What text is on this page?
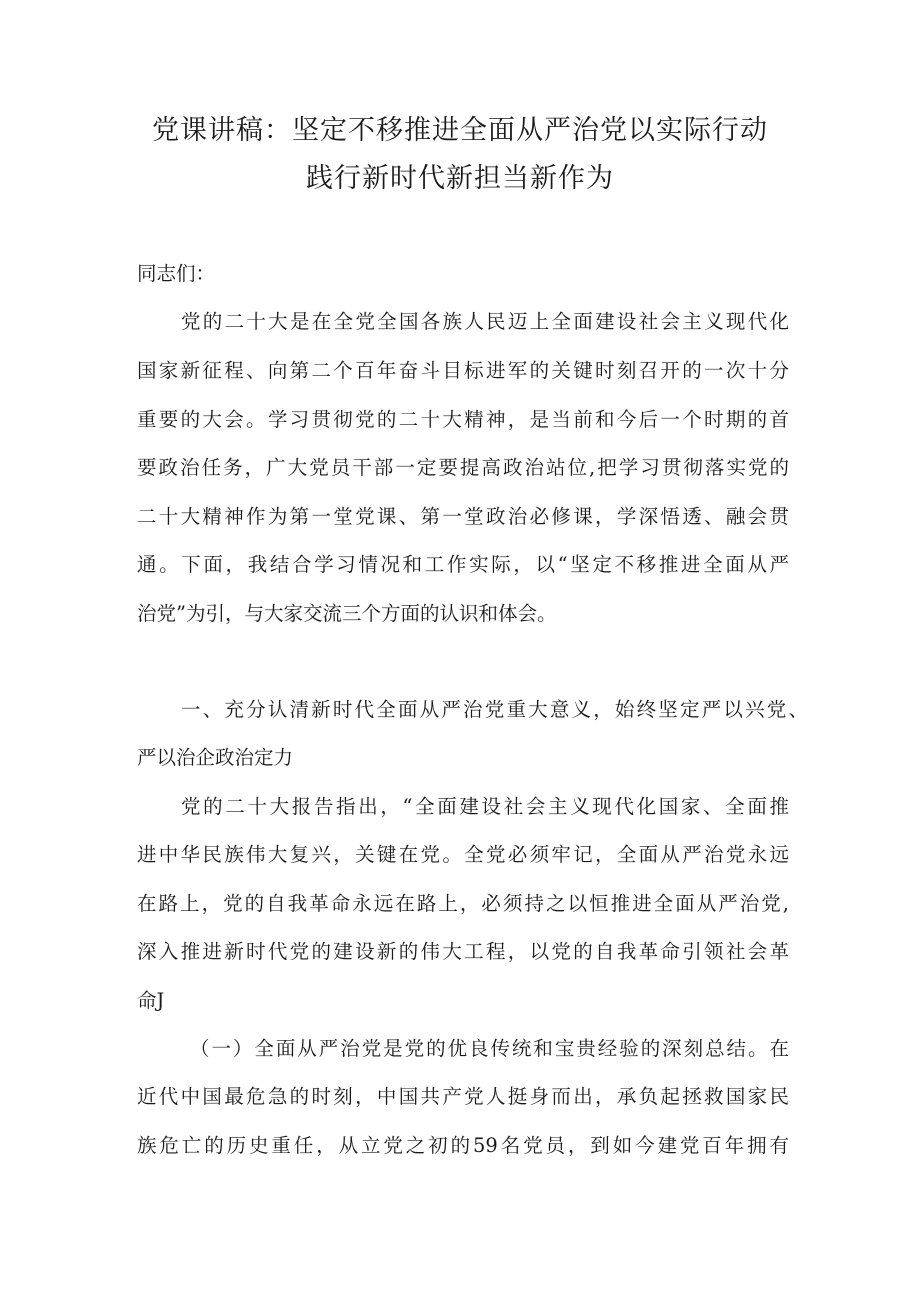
党课讲稿：坚定不移推进全面从严治党以实际行动
践行新时代新担当新作为

同志们：

党的二十大是在全党全国各族人民迈上全面建设社会主义现代化

国家新征程、向第二个百年奋斗目标进军的关键时刻召开的一次十分

重要的大会。学习贯彻党的二十大精神，是当前和今后一个时期的首

要政治任务，广大党员干部一定要提高政治站位,把学习贯彻落实党的

二十大精神作为第一堂党课、第一堂政治必修课，学深悟透、融会贯

通。下面，我结合学习情况和工作实际，以“坚定不移推进全面从严

治党”为引，与大家交流三个方面的认识和体会。

一、充分认清新时代全面从严治党重大意义，始终坚定严以兴党、

严以治企政治定力

党的二十大报告指出，“全面建设社会主义现代化国家、全面推

进中华民族伟大复兴，关键在党。全党必须牢记，全面从严治党永远

在路上，党的自我革命永远在路上，必须持之以恒推进全面从严治党,

深入推进新时代党的建设新的伟大工程，以党的自我革命引领社会革

命J

（一）全面从严治党是党的优良传统和宝贵经验的深刻总结。在

近代中国最危急的时刻，中国共产党人挺身而出，承负起拯救国家民

族危亡的历史重任，从立党之初的59名党员，到如今建党百年拥有
